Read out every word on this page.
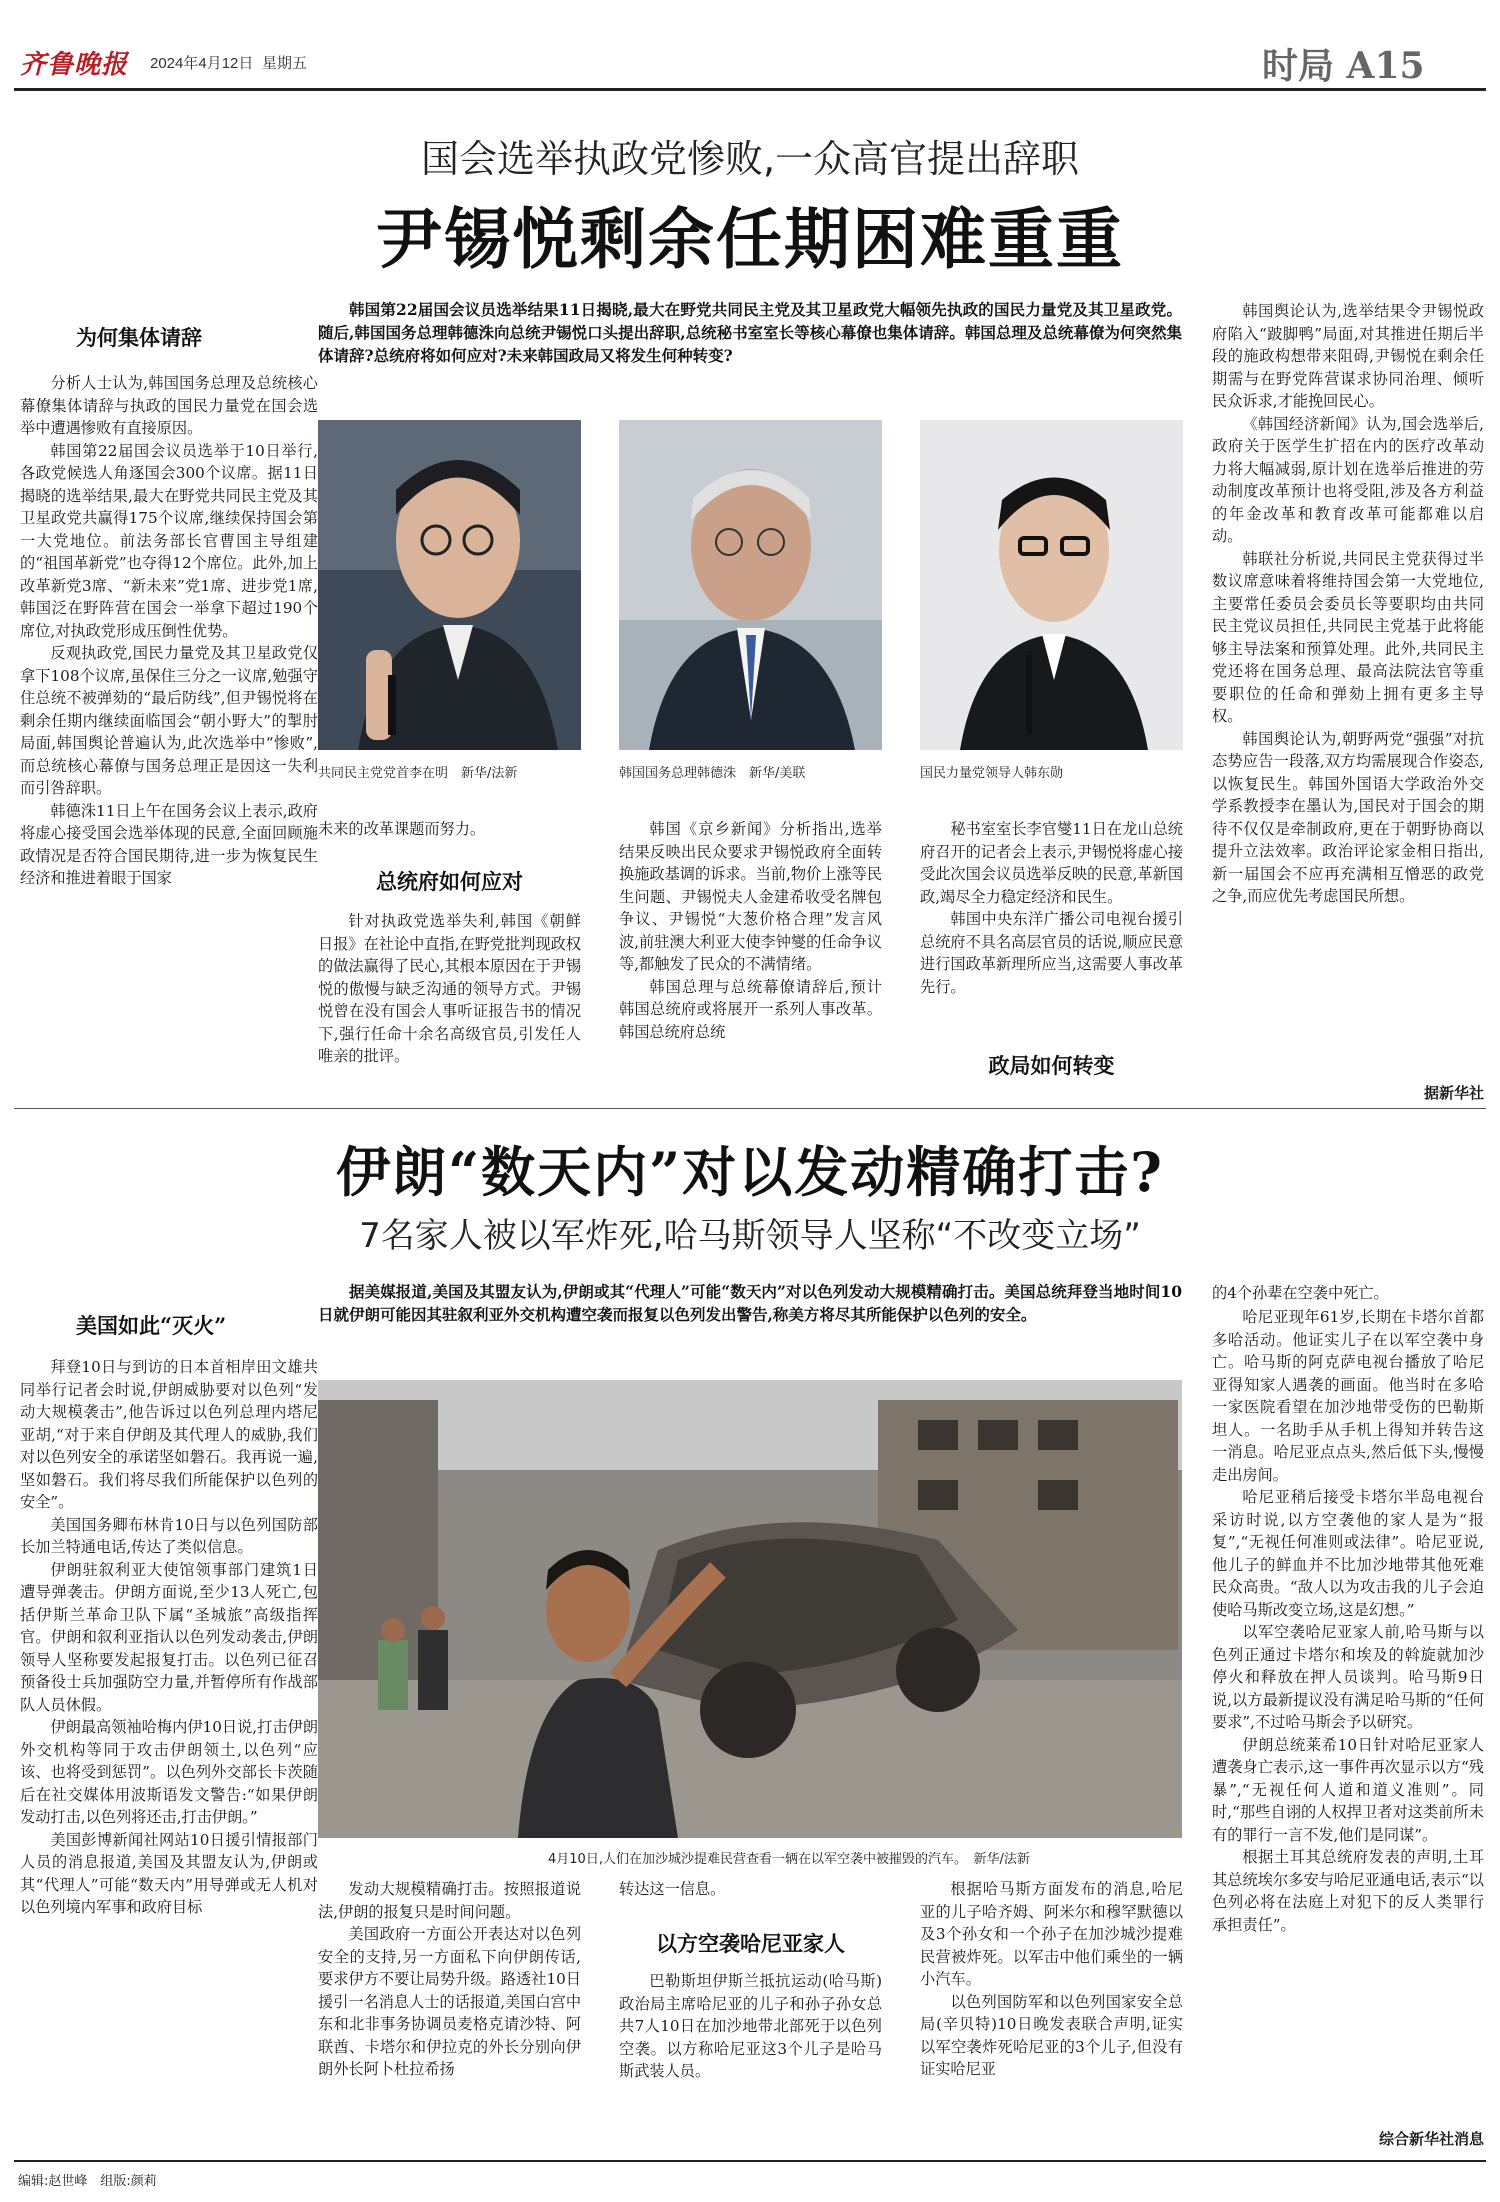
齐鲁晚报 2024年4月12日 星期五	时局 A15
国会选举执政党惨败,一众高官提出辞职
尹锡悦剩余任期困难重重
为何集体请辞

分析人士认为,韩国国务总理及总统核心幕僚集体请辞与执政的国民力量党在国会选举中遭遇惨败有直接原因。

韩国第22届国会议员选举于10日举行,各政党候选人角逐国会300个议席。据11日揭晓的选举结果,最大在野党共同民主党及其卫星政党共赢得175个议席,继续保持国会第一大党地位。前法务部长官曹国主导组建的“祖国革新党”也夺得12个席位。此外,加上改革新党3席、“新未来”党1席、进步党1席,韩国泛在野阵营在国会一举拿下超过190个席位,对执政党形成压倒性优势。

反观执政党,国民力量党及其卫星政党仅拿下108个议席,虽保住三分之一议席,勉强守住总统不被弹劾的“最后防线”,但尹锡悦将在剩余任期内继续面临国会“朝小野大”的掣肘局面,韩国舆论普遍认为,此次选举中“惨败”,而总统核心幕僚与国务总理正是因这一失利而引咎辞职。

韩德洙11日上午在国务会议上表示,政府将虚心接受国会选举体现的民意,全面回顾施政情况是否符合国民期待,进一步为恢复民生经济和推进着眼于国家

韩国第22届国会议员选举结果11日揭晓,最大在野党共同民主党及其卫星政党大幅领先执政的国民力量党及其卫星政党。随后,韩国国务总理韩德洙向总统尹锡悦口头提出辞职,总统秘书室室长等核心幕僚也集体请辞。韩国总理及总统幕僚为何突然集体请辞?总统府将如何应对?未来韩国政局又将发生何种转变?
共同民主党党首李在明　新华/法新	韩国国务总理韩德洙　新华/美联	国民力量党领导人韩东勋
未来的改革课题而努力。
总统府如何应对

针对执政党选举失利,韩国《朝鲜日报》在社论中直指,在野党批判现政权的做法赢得了民心,其根本原因在于尹锡悦的傲慢与缺乏沟通的领导方式。尹锡悦曾在没有国会人事听证报告书的情况下,强行任命十余名高级官员,引发任人唯亲的批评。

韩国《京乡新闻》分析指出,选举结果反映出民众要求尹锡悦政府全面转换施政基调的诉求。当前,物价上涨等民生问题、尹锡悦夫人金建希收受名牌包争议、尹锡悦“大葱价格合理”发言风波,前驻澳大利亚大使李钟燮的任命争议等,都触发了民众的不满情绪。

韩国总理与总统幕僚请辞后,预计韩国总统府或将展开一系列人事改革。韩国总统府总统

秘书室室长李官燮11日在龙山总统府召开的记者会上表示,尹锡悦将虚心接受此次国会议员选举反映的民意,革新国政,竭尽全力稳定经济和民生。

韩国中央东洋广播公司电视台援引总统府不具名高层官员的话说,顺应民意进行国政革新理所应当,这需要人事改革先行。

政局如何转变

韩国舆论认为,选举结果令尹锡悦政府陷入“跛脚鸭”局面,对其推进任期后半段的施政构想带来阻碍,尹锡悦在剩余任期需与在野党阵营谋求协同治理、倾听民众诉求,才能挽回民心。

《韩国经济新闻》认为,国会选举后,政府关于医学生扩招在内的医疗改革动力将大幅减弱,原计划在选举后推进的劳动制度改革预计也将受阻,涉及各方利益的年金改革和教育改革可能都难以启动。

韩联社分析说,共同民主党获得过半数议席意味着将维持国会第一大党地位,主要常任委员会委员长等要职均由共同民主党议员担任,共同民主党基于此将能够主导法案和预算处理。此外,共同民主党还将在国务总理、最高法院法官等重要职位的任命和弹劾上拥有更多主导权。

韩国舆论认为,朝野两党“强强”对抗态势应告一段落,双方均需展现合作姿态,以恢复民生。韩国外国语大学政治外交学系教授李在墨认为,国民对于国会的期待不仅仅是牵制政府,更在于朝野协商以提升立法效率。政治评论家金相日指出,新一届国会不应再充满相互憎恶的政党之争,而应优先考虑国民所想。

据新华社
伊朗“数天内”对以发动精确打击?
7名家人被以军炸死,哈马斯领导人坚称“不改变立场”
据美媒报道,美国及其盟友认为,伊朗或其“代理人”可能“数天内”对以色列发动大规模精确打击。美国总统拜登当地时间10日就伊朗可能因其驻叙利亚外交机构遭空袭而报复以色列发出警告,称美方将尽其所能保护以色列的安全。
美国如此“灭火”

拜登10日与到访的日本首相岸田文雄共同举行记者会时说,伊朗威胁要对以色列“发动大规模袭击”,他告诉过以色列总理内塔尼亚胡,“对于来自伊朗及其代理人的威胁,我们对以色列安全的承诺坚如磐石。我再说一遍,坚如磐石。我们将尽我们所能保护以色列的安全”。

美国国务卿布林肯10日与以色列国防部长加兰特通电话,传达了类似信息。

伊朗驻叙利亚大使馆领事部门建筑1日遭导弹袭击。伊朗方面说,至少13人死亡,包括伊斯兰革命卫队下属“圣城旅”高级指挥官。伊朗和叙利亚指认以色列发动袭击,伊朗领导人坚称要发起报复打击。以色列已征召预备役士兵加强防空力量,并暂停所有作战部队人员休假。

伊朗最高领袖哈梅内伊10日说,打击伊朗外交机构等同于攻击伊朗领土,以色列“应该、也将受到惩罚”。以色列外交部长卡茨随后在社交媒体用波斯语发文警告:“如果伊朗发动打击,以色列将还击,打击伊朗。”

美国彭博新闻社网站10日援引情报部门人员的消息报道,美国及其盟友认为,伊朗或其“代理人”可能“数天内”用导弹或无人机对以色列境内军事和政府目标

4月10日,人们在加沙城沙提难民营查看一辆在以军空袭中被摧毁的汽车。　新华/法新

发动大规模精确打击。按照报道说法,伊朗的报复只是时间问题。

美国政府一方面公开表达对以色列安全的支持,另一方面私下向伊朗传话,要求伊方不要让局势升级。路透社10日援引一名消息人士的话报道,美国白宫中东和北非事务协调员麦格克请沙特、阿联酋、卡塔尔和伊拉克的外长分别向伊朗外长阿卜杜拉希扬

转达这一信息。
以方空袭哈尼亚家人

巴勒斯坦伊斯兰抵抗运动(哈马斯)政治局主席哈尼亚的儿子和孙子孙女总共7人10日在加沙地带北部死于以色列空袭。以方称哈尼亚这3个儿子是哈马斯武装人员。

根据哈马斯方面发布的消息,哈尼亚的儿子哈齐姆、阿米尔和穆罕默德以及3个孙女和一个孙子在加沙城沙提难民营被炸死。以军击中他们乘坐的一辆小汽车。

以色列国防军和以色列国家安全总局(辛贝特)10日晚发表联合声明,证实以军空袭炸死哈尼亚的3个儿子,但没有证实哈尼亚

的4个孙辈在空袭中死亡。

哈尼亚现年61岁,长期在卡塔尔首都多哈活动。他证实儿子在以军空袭中身亡。哈马斯的阿克萨电视台播放了哈尼亚得知家人遇袭的画面。他当时在多哈一家医院看望在加沙地带受伤的巴勒斯坦人。一名助手从手机上得知并转告这一消息。哈尼亚点点头,然后低下头,慢慢走出房间。

哈尼亚稍后接受卡塔尔半岛电视台采访时说,以方空袭他的家人是为“报复”,“无视任何准则或法律”。哈尼亚说,他儿子的鲜血并不比加沙地带其他死难民众高贵。“敌人以为攻击我的儿子会迫使哈马斯改变立场,这是幻想。”

以军空袭哈尼亚家人前,哈马斯与以色列正通过卡塔尔和埃及的斡旋就加沙停火和释放在押人员谈判。哈马斯9日说,以方最新提议没有满足哈马斯的“任何要求”,不过哈马斯会予以研究。

伊朗总统莱希10日针对哈尼亚家人遭袭身亡表示,这一事件再次显示以方“残暴”,“无视任何人道和道义准则”。同时,“那些自诩的人权捍卫者对这类前所未有的罪行一言不发,他们是同谋”。

根据土耳其总统府发表的声明,土耳其总统埃尔多安与哈尼亚通电话,表示“以色列必将在法庭上对犯下的反人类罪行承担责任”。

综合新华社消息
编辑:赵世峰　组版:颜莉
